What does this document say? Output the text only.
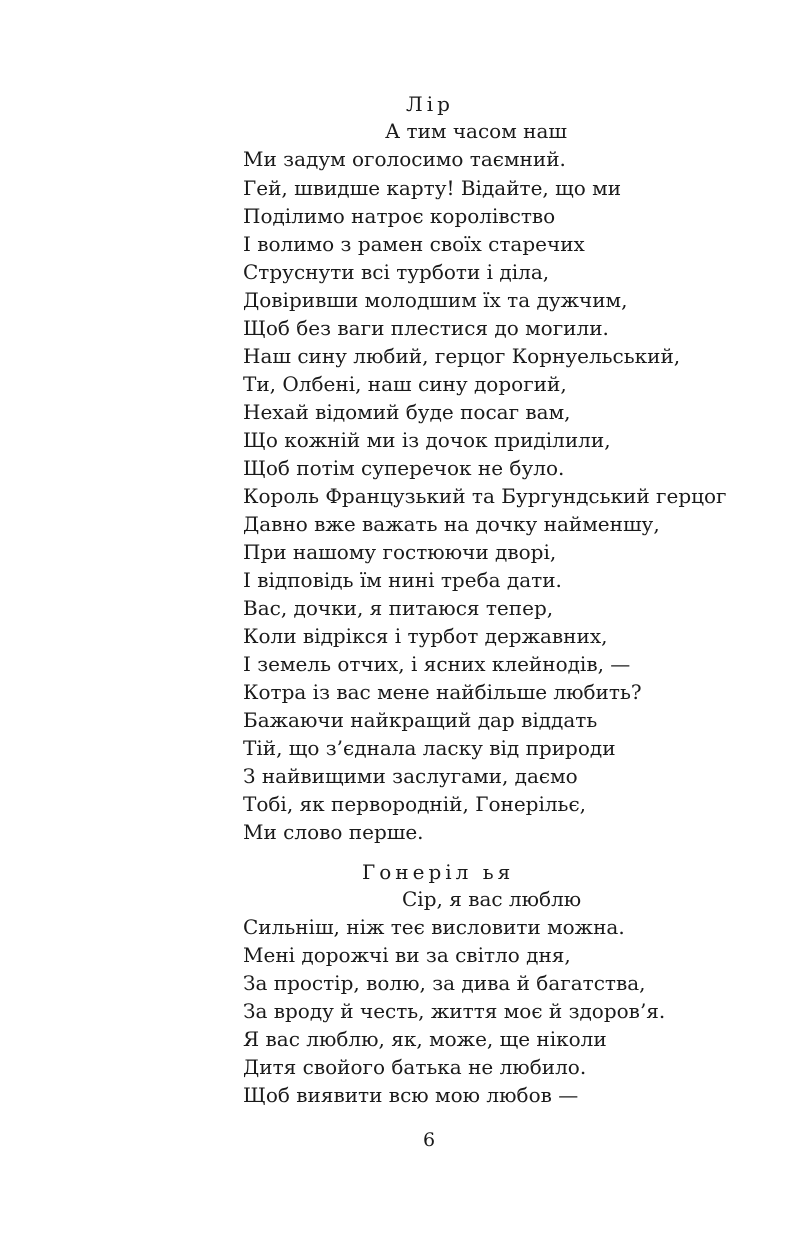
Лір
А тим часом наш
Ми задум оголосимо таємний.
Гей, швидше карту! Відайте, що ми
Поділимо натроє королівство
І волимо з рамен своїх старечих
Струснути всі турботи і діла,
Довіривши молодшим їх та дужчим,
Щоб без ваги плестися до могили.
Наш сину любий, герцог Корнуельський,
Ти, Олбені, наш сину дорогий,
Нехай відомий буде посаг вам,
Що кожній ми із дочок приділили,
Щоб потім суперечок не було.
Король Французький та Бургундський герцог
Давно вже важать на дочку найменшу,
При нашому гостюючи дворі,
І відповідь їм нині треба дати.
Вас, дочки, я питаюся тепер,
Коли відрікся і турбот державних,
І земель отчих, і ясних клейнодів, —
Котра із вас мене найбільше любить?
Бажаючи найкращий дар віддать
Тій, що з’єднала ласку від природи
З найвищими заслугами, даємо
Тобі, як первородній, Гонерільє,
Ми слово перше.
Гонеріл ья
Сір, я вас люблю
Сильніш, ніж теє висловити можна.
Мені дорожчі ви за світло дня,
За простір, волю, за дива й багатства,
За вроду й честь, життя моє й здоров’я.
Я вас люблю, як, може, ще ніколи
Дитя свойого батька не любило.
Щоб виявити всю мою любов —
6
